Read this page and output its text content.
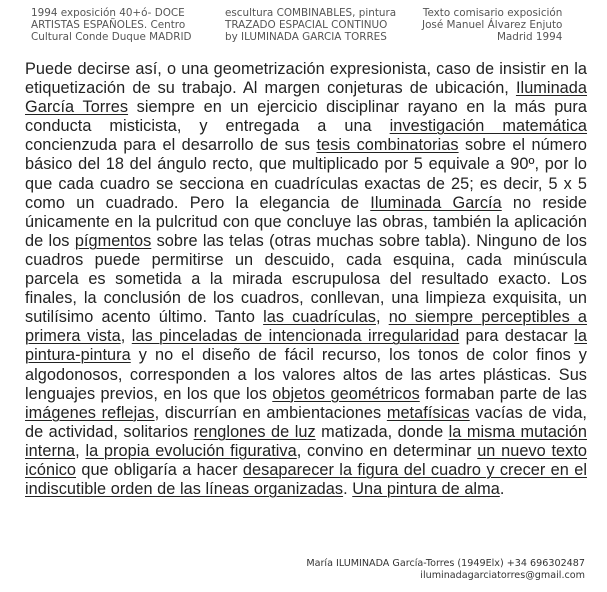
1994 exposición 40+ó- DOCE
ARTISTAS ESPAÑOLES. Centro
Cultural Conde Duque MADRID
escultura COMBINABLES, pintura
TRAZADO ESPACIAL CONTINUO
by ILUMINADA GARCIA TORRES
Texto comisario exposición
José Manuel Álvarez Enjuto
Madrid 1994
Puede decirse así, o una geometrización expresionista, caso de insistir en la etiquetización de su trabajo. Al margen conjeturas de ubicación, Iluminada García Torres siempre en un ejercicio disciplinar rayano en la más pura conducta misticista, y entregada a una investigación matemática concienzuda para el desarrollo de sus tesis combinatorias sobre el número básico del 18 del ángulo recto, que multiplicado por 5 equivale a 90º, por lo que cada cuadro se secciona en cuadrículas exactas de 25; es decir, 5 x 5 como un cuadrado. Pero la elegancia de Iluminada García no reside únicamente en la pulcritud con que concluye las obras, también la aplicación de los pígmentos sobre las telas (otras muchas sobre tabla). Ninguno de los cuadros puede permitirse un descuido, cada esquina, cada minúscula parcela es sometida a la mirada escrupulosa del resultado exacto. Los finales, la conclusión de los cuadros, conllevan, una limpieza exquisita, un sutilísimo acento último. Tanto las cuadrículas, no siempre perceptibles a primera vista, las pinceladas de intencionada irregularidad para destacar la pintura-pintura y no el diseño de fácil recurso, los tonos de color finos y algodonosos, corresponden a los valores altos de las artes plásticas. Sus lenguajes previos, en los que los objetos geométricos formaban parte de las imágenes reflejas, discurrían en ambientaciones metafísicas vacías de vida, de actividad, solitarios renglones de luz matizada, donde la misma mutación interna, la propia evolución figurativa, convino en determinar un nuevo texto icónico que obligaría a hacer desaparecer la figura del cuadro y crecer en el indiscutible orden de las líneas organizadas. Una pintura de alma.
María ILUMINADA García-Torres (1949Elx) +34 696302487
iluminadagarciatorres@gmail.com
